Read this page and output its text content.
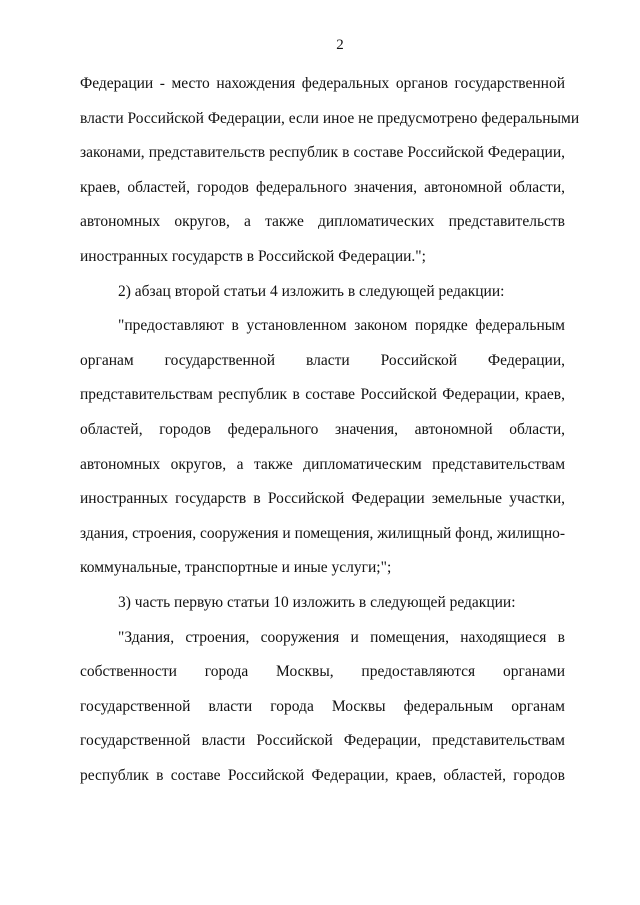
2
Федерации - место нахождения федеральных органов государственной
власти Российской Федерации, если иное не предусмотрено федеральными
законами, представительств республик в составе Российской Федерации,
краев, областей, городов федерального значения, автономной области,
автономных округов, а также дипломатических представительств
иностранных государств в Российской Федерации.";
2) абзац второй статьи 4 изложить в следующей редакции:
"предоставляют в установленном законом порядке федеральным
органам государственной власти Российской Федерации,
представительствам республик в составе Российской Федерации, краев,
областей, городов федерального значения, автономной области,
автономных округов, а также дипломатическим представительствам
иностранных государств в Российской Федерации земельные участки,
здания, строения, сооружения и помещения, жилищный фонд, жилищно-
коммунальные, транспортные и иные услуги;";
3) часть первую статьи 10 изложить в следующей редакции:
"Здания, строения, сооружения и помещения, находящиеся в
собственности города Москвы, предоставляются органами
государственной власти города Москвы федеральным органам
государственной власти Российской Федерации, представительствам
республик в составе Российской Федерации, краев, областей, городов
